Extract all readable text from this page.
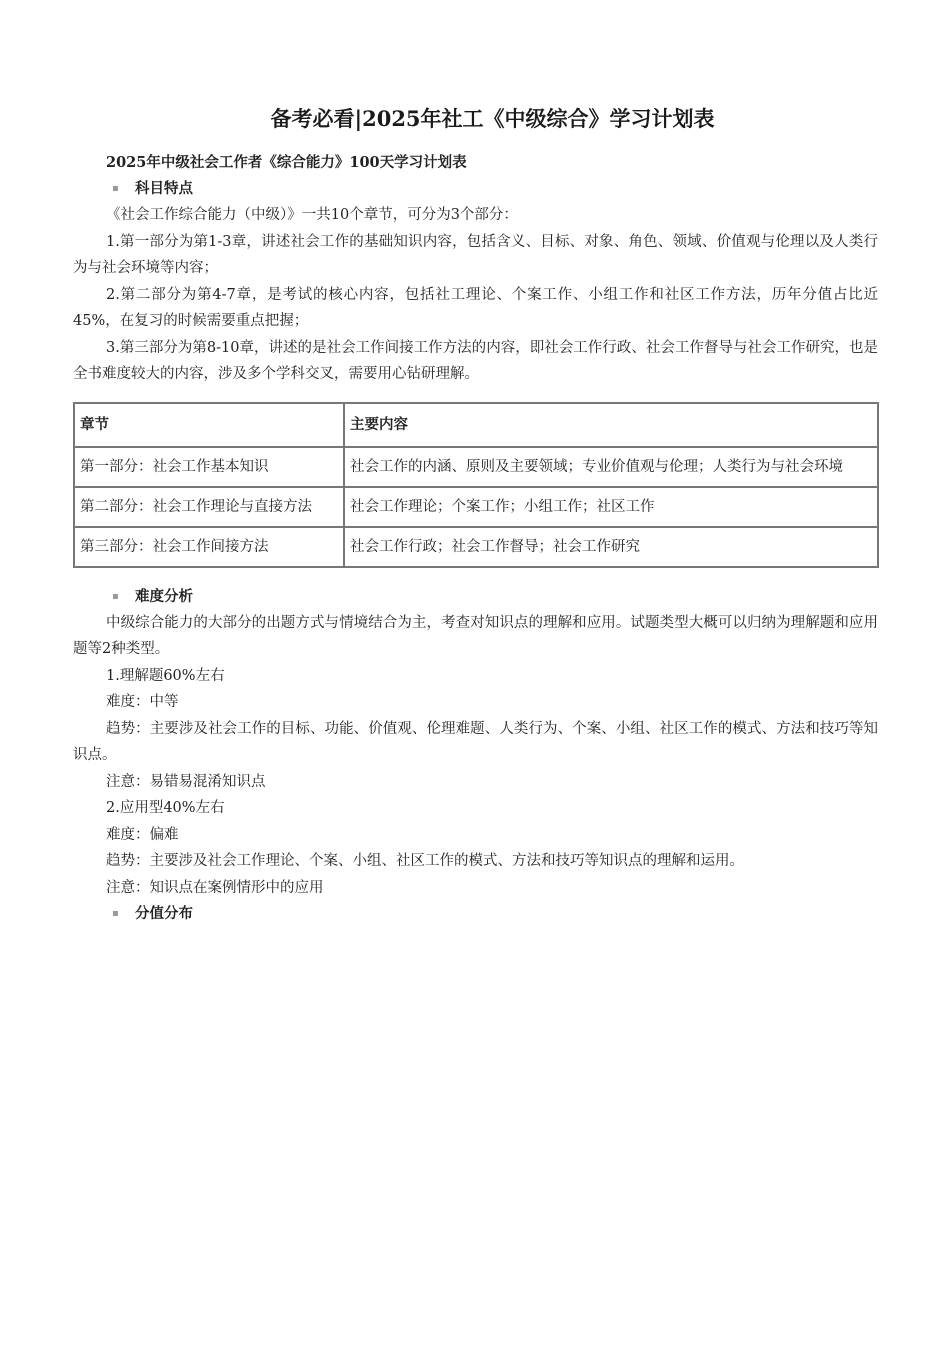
备考必看|2025年社工《中级综合》学习计划表
2025年中级社会工作者《综合能力》100天学习计划表
▪ 科目特点

《社会工作综合能力（中级）》一共10个章节，可分为3个部分：

1.第一部分为第1-3章，讲述社会工作的基础知识内容，包括含义、目标、对象、角色、领域、价值观与伦理以及人类行为与社会环境等内容；

2.第二部分为第4-7章，是考试的核心内容，包括社工理论、个案工作、小组工作和社区工作方法，历年分值占比近45%，在复习的时候需要重点把握；

3.第三部分为第8-10章，讲述的是社会工作间接工作方法的内容，即社会工作行政、社会工作督导与社会工作研究，也是全书难度较大的内容，涉及多个学科交叉，需要用心钻研理解。

章节	主要内容
第一部分：社会工作基本知识	社会工作的内涵、原则及主要领域；专业价值观与伦理；人类行为与社会环境
第二部分：社会工作理论与直接方法	社会工作理论；个案工作；小组工作；社区工作
第三部分：社会工作间接方法	社会工作行政；社会工作督导；社会工作研究
▪ 难度分析

中级综合能力的大部分的出题方式与情境结合为主，考查对知识点的理解和应用。试题类型大概可以归纳为理解题和应用题等2种类型。

1.理解题60%左右

难度：中等

趋势：主要涉及社会工作的目标、功能、价值观、伦理难题、人类行为、个案、小组、社区工作的模式、方法和技巧等知识点。

注意：易错易混淆知识点

2.应用型40%左右

难度：偏难

趋势：主要涉及社会工作理论、个案、小组、社区工作的模式、方法和技巧等知识点的理解和运用。

注意：知识点在案例情形中的应用

▪ 分值分布
